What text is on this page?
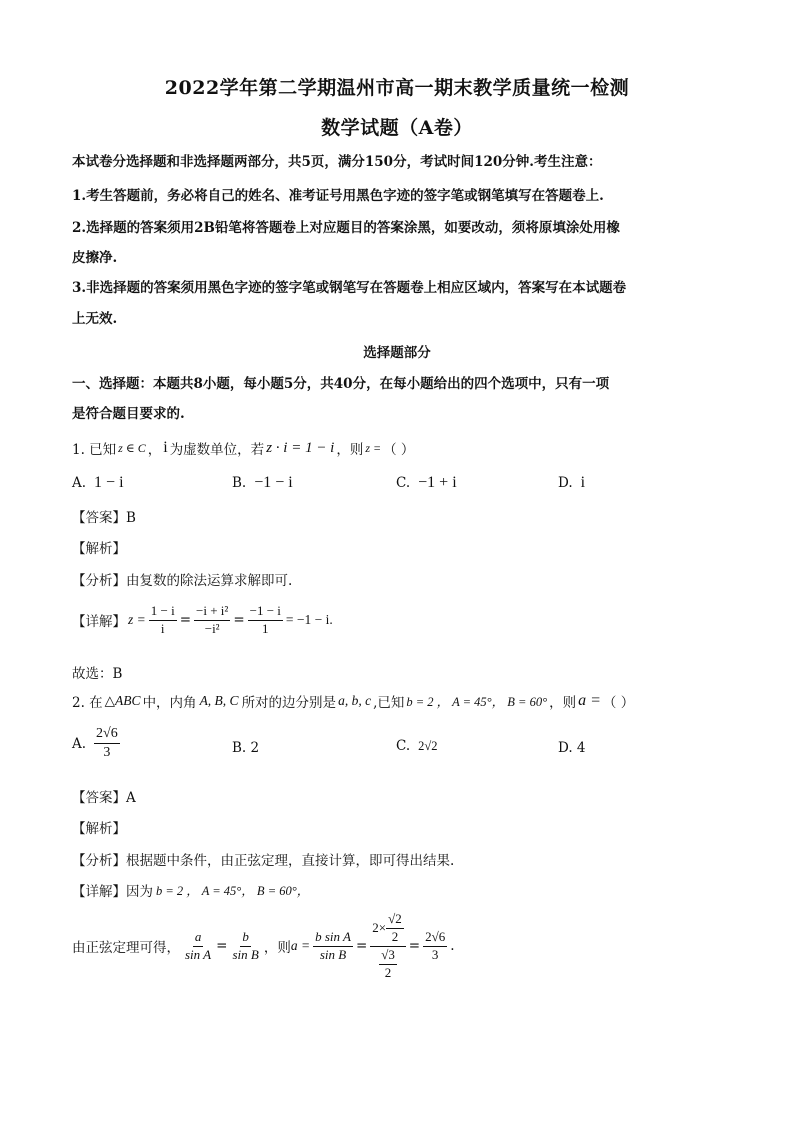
2022学年第二学期温州市高一期末教学质量统一检测
数学试题（A卷）
本试卷分选择题和非选择题两部分，共5页，满分150分，考试时间120分钟.考生注意：
1.考生答题前，务必将自己的姓名、准考证号用黑色字迹的签字笔或钢笔填写在答题卷上.
2.选择题的答案须用2B铅笔将答题卷上对应题目的答案涂黑，如要改动，须将原填涂处用橡
皮擦净.
3.非选择题的答案须用黑色字迹的签字笔或钢笔写在答题卷上相应区域内，答案写在本试题卷
上无效.
选择题部分
一、选择题：本题共8小题，每小题5分，共40分，在每小题给出的四个选项中，只有一项
是符合题目要求的.
1. 已知 z ∈ C ， i 为虚数单位，若 z · i = 1 − i ，则 z = （ ）
A. 1 − i	B. −1 − i	C. −1 + i	D. i
【答案】B
【解析】
【分析】由复数的除法运算求解即可.
【详解】 $z = \frac{1 - i}{i} = \frac{\text{−i + i²}}{\text{−i²}} = \frac{-1 - i}{1} = -1 - i$.
故选：B
2. 在 △ABC 中，内角 A, B, C 所对的边分别是 a, b, c ,已知 b = 2 ， A = 45°， B = 60° ，则 a = （ ）
A. $\frac{2√6}{3}$	B. 2	C. 2√2	D. 4
【答案】A
【解析】
【分析】根据题中条件，由正弦定理，直接计算，即可得出结果.
【详解】 因为 b = 2 ， A = 45°， B = 60°，
由正弦定理可得， $\frac{a}{\text{sin A}} = \frac{b}{\text{sin B}}$ ，则 $a = \frac{\text{b sin A}}{\text{sin B}} = \frac{2\times \frac{√2}{2}}{\frac{√3}{2}} = \frac{2√6}{3}$ .
